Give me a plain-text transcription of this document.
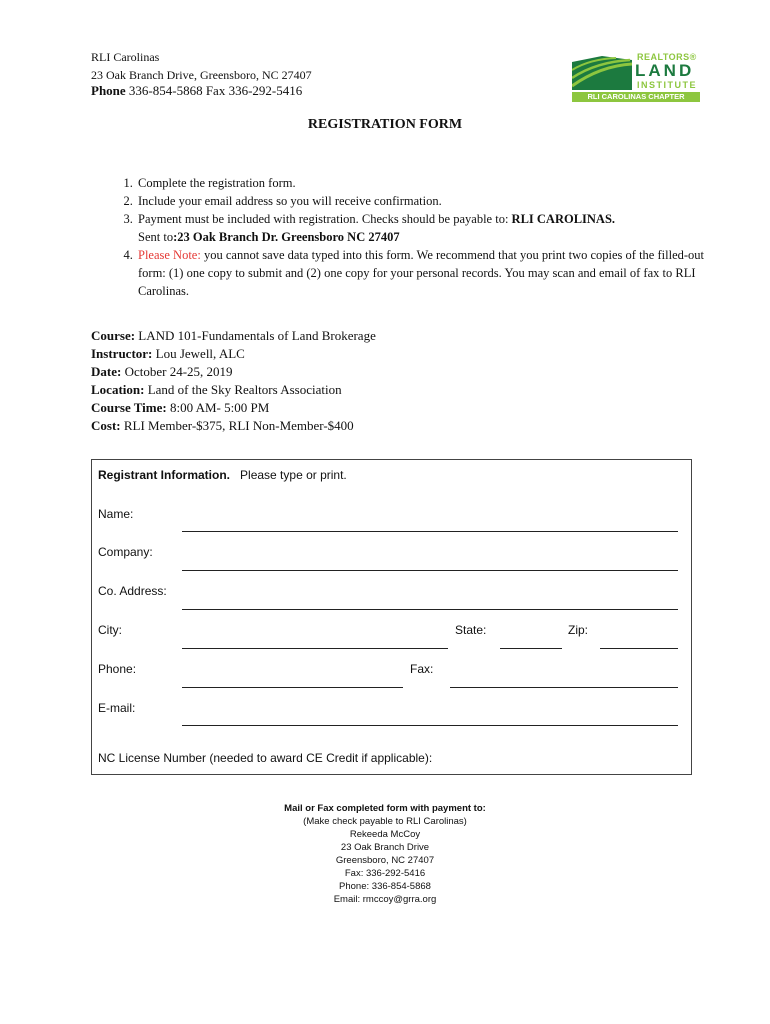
RLI Carolinas
23 Oak Branch Drive, Greensboro, NC 27407
Phone 336-854-5868 Fax 336-292-5416
REALTORS®
LAND
INSTITUTE
RLI CAROLINAS CHAPTER
REGISTRATION FORM
1. Complete the registration form.
2. Include your email address so you will receive confirmation.
3. Payment must be included with registration. Checks should be payable to: RLI CAROLINAS.
Sent to:23 Oak Branch Dr. Greensboro NC 27407
4. Please Note: you cannot save data typed into this form. We recommend that you print two copies of the filled-out form: (1) one copy to submit and (2) one copy for your personal records. You may scan and email of fax to RLI Carolinas.
Course: LAND 101-Fundamentals of Land Brokerage
Instructor: Lou Jewell, ALC
Date: October 24-25, 2019
Location: Land of the Sky Realtors Association
Course Time: 8:00 AM- 5:00 PM
Cost: RLI Member-$375, RLI Non-Member-$400
Registrant Information. Please type or print.
Name:
Company:
Co. Address:
City:	State:	Zip:
Phone:	Fax:
E-mail:
NC License Number (needed to award CE Credit if applicable):
Mail or Fax completed form with payment to:
(Make check payable to RLI Carolinas)
Rekeeda McCoy
23 Oak Branch Drive
Greensboro, NC 27407
Fax: 336-292-5416
Phone: 336-854-5868
Email: rmccoy@grra.org
